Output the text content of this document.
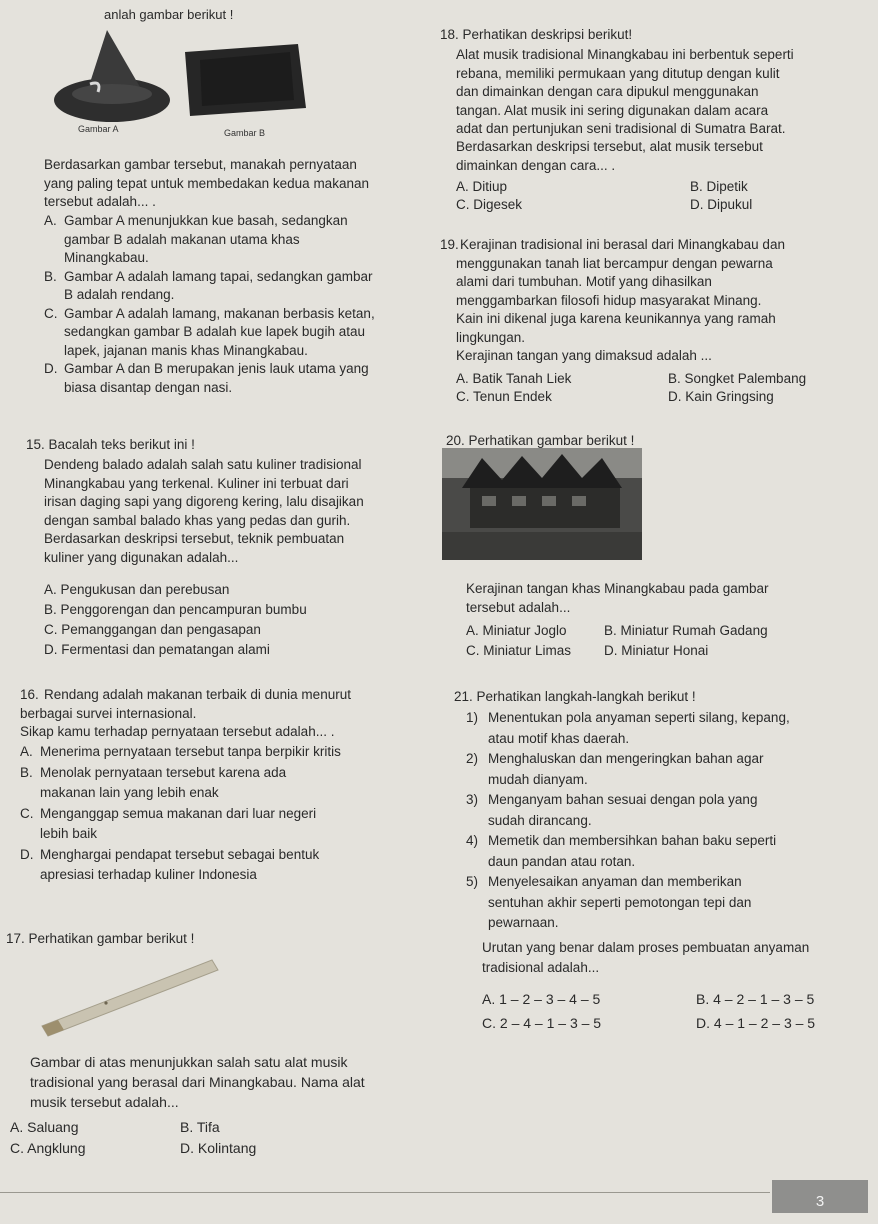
anlah gambar berikut !
Gambar A	Gambar B
Berdasarkan gambar tersebut, manakah pernyataan
yang paling tepat untuk membedakan kedua makanan
tersebut adalah... .
A. Gambar A menunjukkan kue basah, sedangkan
gambar B adalah makanan utama khas
Minangkabau.
B. Gambar A adalah lamang tapai, sedangkan gambar
B adalah rendang.
C. Gambar A adalah lamang, makanan berbasis ketan,
sedangkan gambar B adalah kue lapek bugih atau
lapek, jajanan manis khas Minangkabau.
D. Gambar A dan B merupakan jenis lauk utama yang
biasa disantap dengan nasi.
15. Bacalah teks berikut ini !
Dendeng balado adalah salah satu kuliner tradisional
Minangkabau yang terkenal. Kuliner ini terbuat dari
irisan daging sapi yang digoreng kering, lalu disajikan
dengan sambal balado khas yang pedas dan gurih.
Berdasarkan deskripsi tersebut, teknik pembuatan
kuliner yang digunakan adalah...
A. Pengukusan dan perebusan
B. Penggorengan dan pencampuran bumbu
C. Pemanggangan dan pengasapan
D. Fermentasi dan pematangan alami
16. Rendang adalah makanan terbaik di dunia menurut
berbagai survei internasional.
Sikap kamu terhadap pernyataan tersebut adalah... .
A. Menerima pernyataan tersebut tanpa berpikir kritis
B. Menolak pernyataan tersebut karena ada
makanan lain yang lebih enak
C. Menganggap semua makanan dari luar negeri
lebih baik
D. Menghargai pendapat tersebut sebagai bentuk
apresiasi terhadap kuliner Indonesia
17. Perhatikan gambar berikut !
Gambar di atas menunjukkan salah satu alat musik
tradisional yang berasal dari Minangkabau. Nama alat
musik tersebut adalah...
A. Saluang	B. Tifa
C. Angklung	D. Kolintang
18. Perhatikan deskripsi berikut!
Alat musik tradisional Minangkabau ini berbentuk seperti
rebana, memiliki permukaan yang ditutup dengan kulit
dan dimainkan dengan cara dipukul menggunakan
tangan. Alat musik ini sering digunakan dalam acara
adat dan pertunjukan seni tradisional di Sumatra Barat.
Berdasarkan deskripsi tersebut, alat musik tersebut
dimainkan dengan cara... .
A. Ditiup	B. Dipetik
C. Digesek	D. Dipukul
19. Kerajinan tradisional ini berasal dari Minangkabau dan
menggunakan tanah liat bercampur dengan pewarna
alami dari tumbuhan. Motif yang dihasilkan
menggambarkan filosofi hidup masyarakat Minang.
Kain ini dikenal juga karena keunikannya yang ramah
lingkungan.
Kerajinan tangan yang dimaksud adalah ...
A. Batik Tanah Liek	B. Songket Palembang
C. Tenun Endek	D. Kain Gringsing
20. Perhatikan gambar berikut !
Kerajinan tangan khas Minangkabau pada gambar
tersebut adalah...
A. Miniatur Joglo	B. Miniatur Rumah Gadang
C. Miniatur Limas D. Miniatur Honai
21. Perhatikan langkah-langkah berikut !
1) Menentukan pola anyaman seperti silang, kepang,
atau motif khas daerah.
2) Menghaluskan dan mengeringkan bahan agar
mudah dianyam.
3) Menganyam bahan sesuai dengan pola yang
sudah dirancang.
4) Memetik dan membersihkan bahan baku seperti
daun pandan atau rotan.
5) Menyelesaikan anyaman dan memberikan
sentuhan akhir seperti pemotongan tepi dan
pewarnaan.
Urutan yang benar dalam proses pembuatan anyaman
tradisional adalah...
A. 1 – 2 – 3 – 4 – 5	B. 4 – 2 – 1 – 3 – 5
C. 2 – 4 – 1 – 3 – 5	D. 4 – 1 – 2 – 3 – 5
3
